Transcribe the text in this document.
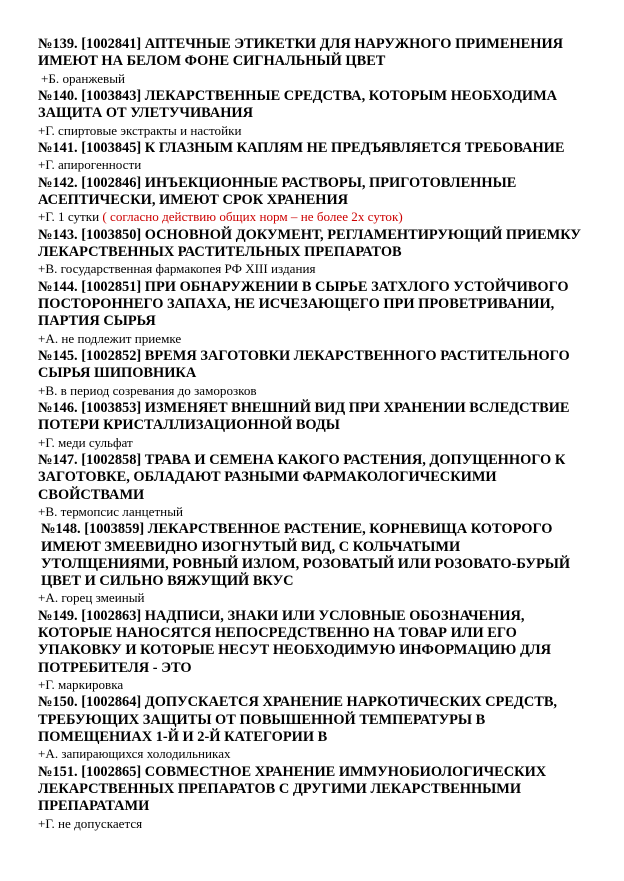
№139. [1002841] АПТЕЧНЫЕ ЭТИКЕТКИ ДЛЯ НАРУЖНОГО ПРИМЕНЕНИЯ ИМЕЮТ НА БЕЛОМ ФОНЕ СИГНАЛЬНЫЙ ЦВЕТ

+Б. оранжевый

№140. [1003843] ЛЕКАРСТВЕННЫЕ СРЕДСТВА, КОТОРЫМ НЕОБХОДИМА ЗАЩИТА ОТ УЛЕТУЧИВАНИЯ

+Г. спиртовые экстракты и настойки

№141. [1003845] К ГЛАЗНЫМ КАПЛЯМ НЕ ПРЕДЪЯВЛЯЕТСЯ ТРЕБОВАНИЕ

+Г. апирогенности

№142. [1002846] ИНЪЕКЦИОННЫЕ РАСТВОРЫ, ПРИГОТОВЛЕННЫЕ АСЕПТИЧЕСКИ, ИМЕЮТ СРОК ХРАНЕНИЯ

+Г. 1 сутки ( согласно действию общих норм – не более 2х суток)

№143. [1003850] ОСНОВНОЙ ДОКУМЕНТ, РЕГЛАМЕНТИРУЮЩИЙ ПРИЕМКУ ЛЕКАРСТВЕННЫХ РАСТИТЕЛЬНЫХ ПРЕПАРАТОВ

+В. государственная фармакопея РФ XIII издания

№144. [1002851] ПРИ ОБНАРУЖЕНИИ В СЫРЬЕ ЗАТХЛОГО УСТОЙЧИВОГО ПОСТОРОННЕГО ЗАПАХА, НЕ ИСЧЕЗАЮЩЕГО ПРИ ПРОВЕТРИВАНИИ, ПАРТИЯ СЫРЬЯ

+А. не подлежит приемке

№145. [1002852] ВРЕМЯ ЗАГОТОВКИ ЛЕКАРСТВЕННОГО РАСТИТЕЛЬНОГО СЫРЬЯ ШИПОВНИКА

+В. в период созревания до заморозков

№146. [1003853] ИЗМЕНЯЕТ ВНЕШНИЙ ВИД ПРИ ХРАНЕНИИ ВСЛЕДСТВИЕ ПОТЕРИ КРИСТАЛЛИЗАЦИОННОЙ ВОДЫ

+Г. меди сульфат

№147. [1002858] ТРАВА И СЕМЕНА КАКОГО РАСТЕНИЯ, ДОПУЩЕННОГО К ЗАГОТОВКЕ, ОБЛАДАЮТ РАЗНЫМИ ФАРМАКОЛОГИЧЕСКИМИ СВОЙСТВАМИ

+В. термопсис ланцетный

№148. [1003859] ЛЕКАРСТВЕННОЕ РАСТЕНИЕ, КОРНЕВИЩА КОТОРОГО ИМЕЮТ ЗМЕЕВИДНО ИЗОГНУТЫЙ ВИД, С КОЛЬЧАТЫМИ УТОЛЩЕНИЯМИ, РОВНЫЙ ИЗЛОМ, РОЗОВАТЫЙ ИЛИ РОЗОВАТО-БУРЫЙ ЦВЕТ И СИЛЬНО ВЯЖУЩИЙ ВКУС

+А. горец змеиный

№149. [1002863] НАДПИСИ, ЗНАКИ ИЛИ УСЛОВНЫЕ ОБОЗНАЧЕНИЯ, КОТОРЫЕ НАНОСЯТСЯ НЕПОСРЕДСТВЕННО НА ТОВАР ИЛИ ЕГО УПАКОВКУ И КОТОРЫЕ НЕСУТ НЕОБХОДИМУЮ ИНФОРМАЦИЮ ДЛЯ ПОТРЕБИТЕЛЯ - ЭТО

+Г. маркировка

№150. [1002864] ДОПУСКАЕТСЯ ХРАНЕНИЕ НАРКОТИЧЕСКИХ СРЕДСТВ, ТРЕБУЮЩИХ ЗАЩИТЫ ОТ ПОВЫШЕННОЙ ТЕМПЕРАТУРЫ В ПОМЕЩЕНИАХ 1-Й И 2-Й КАТЕГОРИИ В

+А. запирающихся холодильниках

№151. [1002865] СОВМЕСТНОЕ ХРАНЕНИЕ ИММУНОБИОЛОГИЧЕСКИХ ЛЕКАРСТВЕННЫХ ПРЕПАРАТОВ С ДРУГИМИ ЛЕКАРСТВЕННЫМИ ПРЕПАРАТАМИ

+Г. не допускается
